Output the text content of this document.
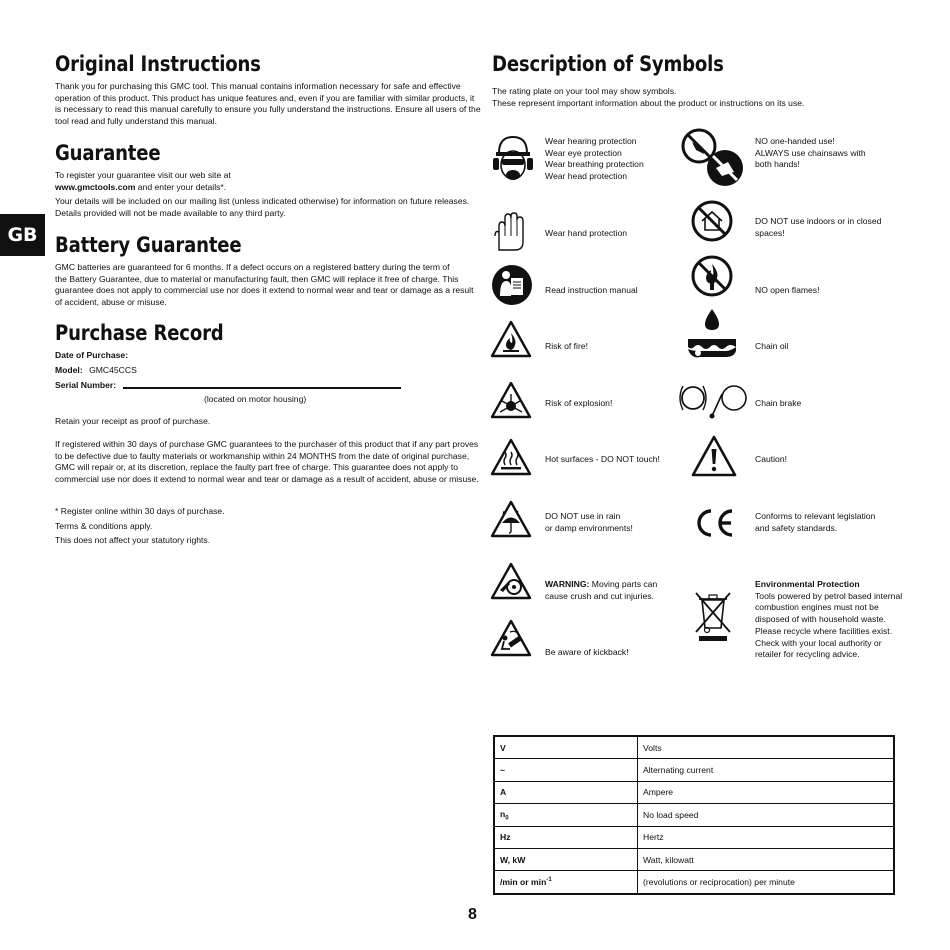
GB
Original Instructions
Thank you for purchasing this GMC tool. This manual contains information necessary for safe and effective
operation of this product. This product has unique features and, even if you are familiar with similar products, it
is necessary to read this manual carefully to ensure you fully understand the instructions. Ensure all users of the
tool read and fully understand this manual.
Guarantee
To register your guarantee visit our web site at
www.gmctools.com and enter your details*.
Your details will be included on our mailing list (unless indicated otherwise) for information on future releases.
Details provided will not be made available to any third party.
Battery Guarantee
GMC batteries are guaranteed for 6 months. If a defect occurs on a registered battery during the term of
the Battery Guarantee, due to material or manufacturing fault, then GMC will replace it free of charge. This
guarantee does not apply to commercial use nor does it extend to normal wear and tear or damage as a result
of accident, abuse or misuse.
Purchase Record
Date of Purchase:
Model: GMC45CCS
Serial Number:
(located on motor housing)
Retain your receipt as proof of purchase.
If registered within 30 days of purchase GMC guarantees to the purchaser of this product that if any part proves
to be defective due to faulty materials or workmanship within 24 MONTHS from the date of original purchase,
GMC will repair or, at its discretion, replace the faulty part free of charge. This guarantee does not apply to
commercial use nor does it extend to normal wear and tear or damage as a result of accident, abuse or misuse.
* Register online within 30 days of purchase.
Terms & conditions apply.
This does not affect your statutory rights.
Description of Symbols
The rating plate on your tool may show symbols.
These represent important information about the product or instructions on its use.
Wear hearing protection
Wear eye protection
Wear breathing protection
Wear head protection
Wear hand protection
Read instruction manual
Risk of fire!
Risk of explosion!
Hot surfaces - DO NOT touch!
DO NOT use in rain
or damp environments!
WARNING: Moving parts can
cause crush and cut injuries.
Be aware of kickback!
NO one-handed use!
ALWAYS use chainsaws with
both hands!
DO NOT use indoors or in closed
spaces!
NO open flames!
Chain oil
Chain brake
Caution!
Conforms to relevant legislation
and safety standards.
Environmental Protection
Tools powered by petrol based internal
combustion engines must not be
disposed of with household waste.
Please recycle where facilities exist.
Check with your local authority or
retailer for recycling advice.
V	Volts
~	Alternating current
A	Ampere
$n_0$	No load speed
Hz	Hertz
W, kW	Watt, kilowatt
/min or $\min^{-1}$	(revolutions or reciprocation) per minute
8
